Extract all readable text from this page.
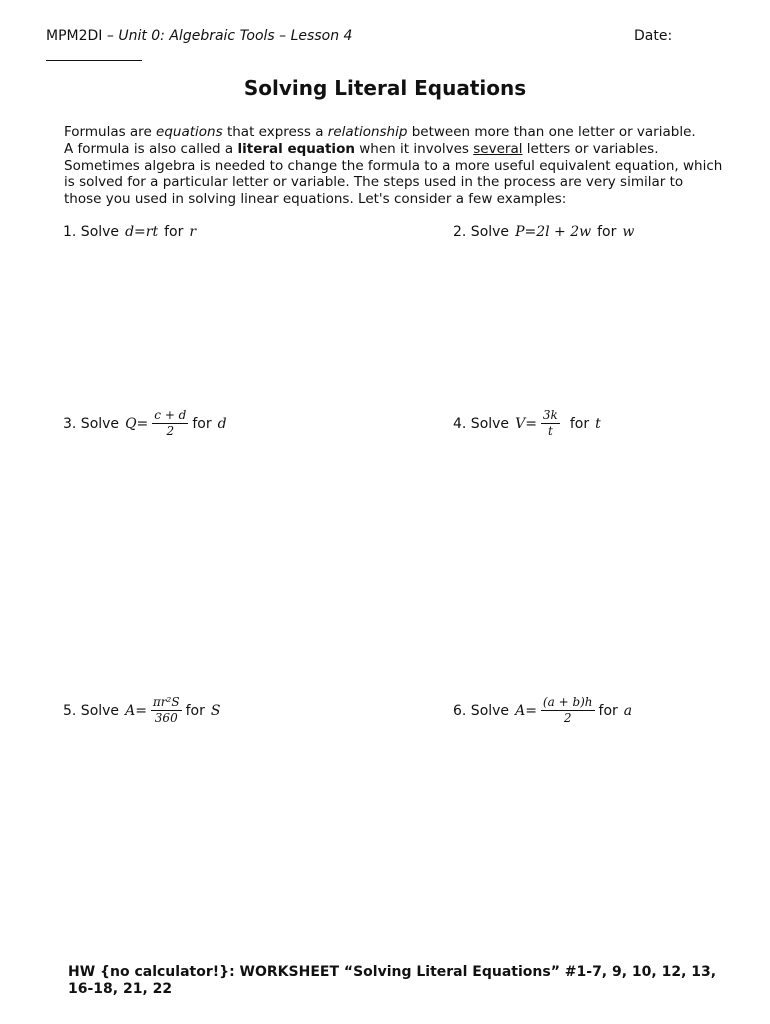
MPM2DI – Unit 0: Algebraic Tools – Lesson 4	Date:
Solving Literal Equations

Formulas are equations that express a relationship between more than one letter or variable.
A formula is also called a literal equation when it involves several letters or variables.
Sometimes algebra is needed to change the formula to a more useful equivalent equation, which is solved for a particular letter or variable. The steps used in the process are very similar to those you used in solving linear equations. Let's consider a few examples:

1. Solve d = rt for r	2. Solve P = 2l + 2w for w
3. Solve $Q = \frac{c + d}{2}$ for d	4. Solve $V = \frac{3k}{t}$ for t
5. Solve $A = \frac{\text{πr²S}}{360}$ for S	6. Solve $A = \frac{(a + b)h}{2}$ for a
HW {no calculator!}: WORKSHEET “Solving Literal Equations” #1-7, 9, 10, 12, 13, 16-18, 21, 22
